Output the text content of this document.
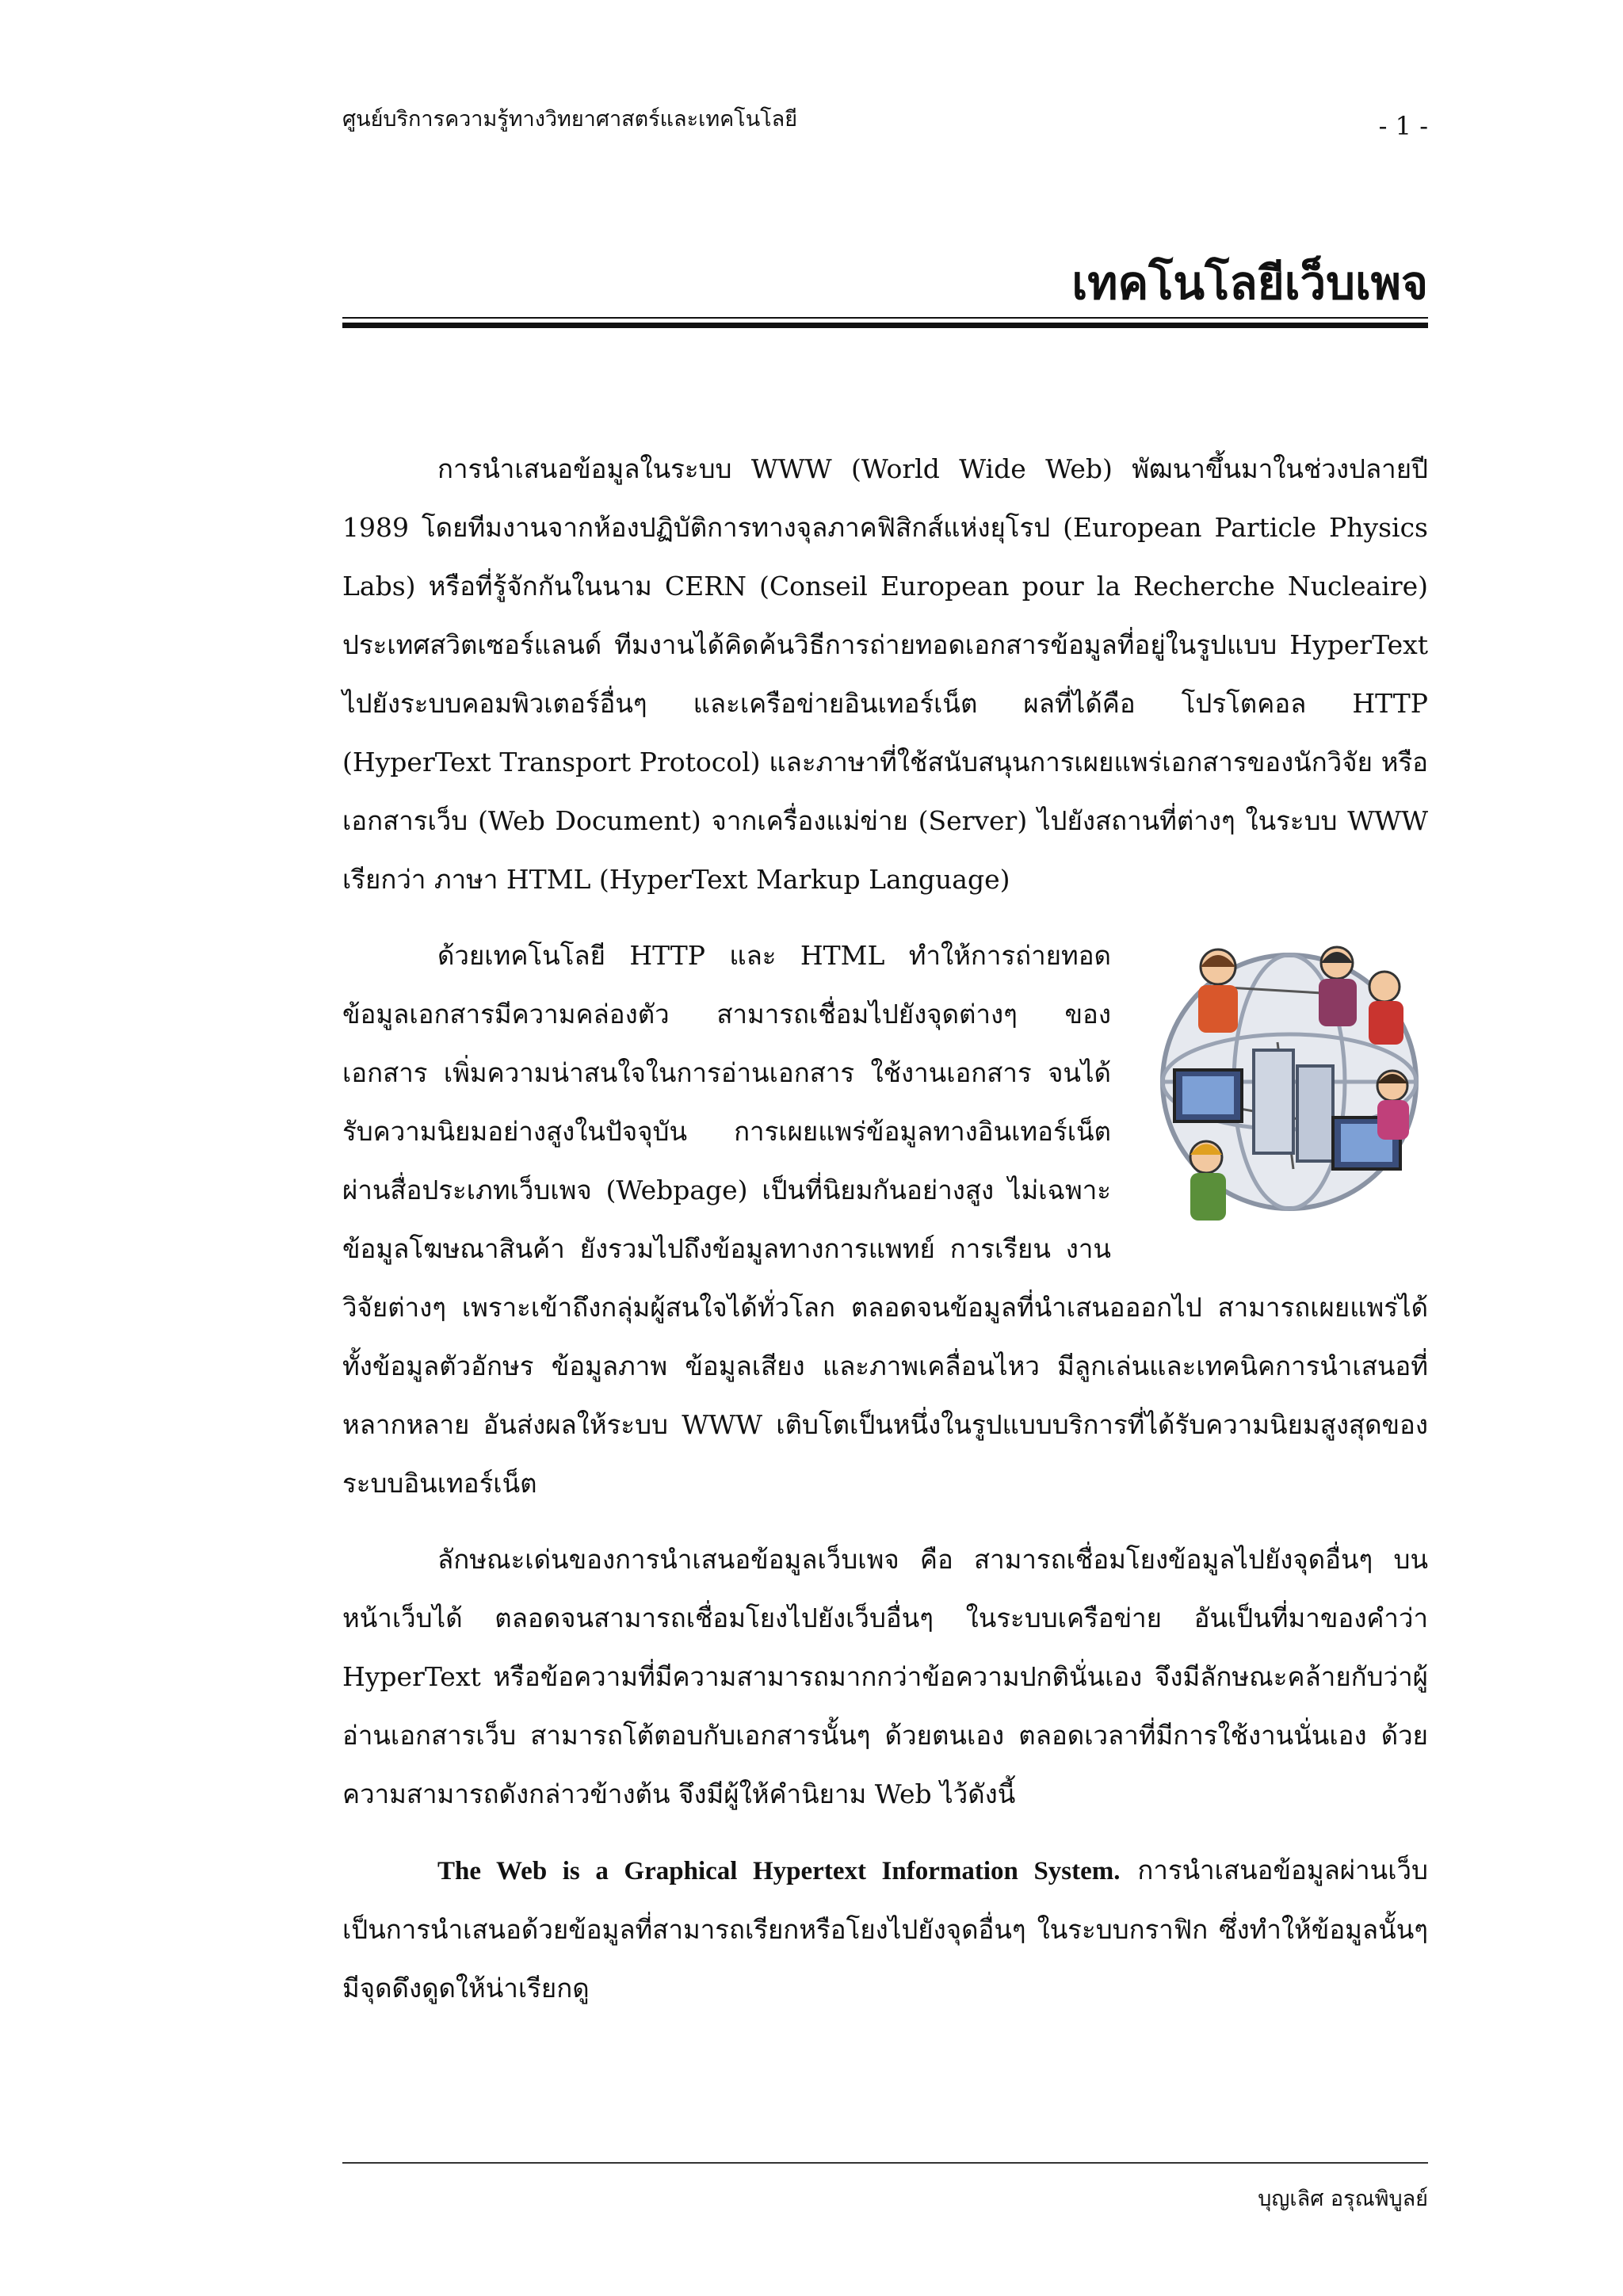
ศูนย์บริการความรู้ทางวิทยาศาสตร์และเทคโนโลยี	- 1 -
เทคโนโลยีเว็บเพจ

การนำเสนอข้อมูลในระบบ WWW (World Wide Web) พัฒนาขึ้นมาในช่วงปลายปี 1989 โดยทีมงานจากห้องปฏิบัติการทางจุลภาคฟิสิกส์แห่งยุโรป (European Particle Physics Labs) หรือที่รู้จักกันในนาม CERN (Conseil European pour la Recherche Nucleaire) ประเทศสวิตเซอร์แลนด์ ทีมงานได้คิดค้นวิธีการถ่ายทอดเอกสารข้อมูลที่อยู่ในรูปแบบ HyperText ไปยังระบบคอมพิวเตอร์อื่นๆ และเครือข่ายอินเทอร์เน็ต ผลที่ได้คือ โปรโตคอล HTTP (HyperText Transport Protocol) และภาษาที่ใช้สนับสนุนการเผยแพร่เอกสารของนักวิจัย หรือเอกสารเว็บ (Web Document) จากเครื่องแม่ข่าย (Server) ไปยังสถานที่ต่างๆ ในระบบ WWW เรียกว่า ภาษา HTML (HyperText Markup Language)

ด้วยเทคโนโลยี HTTP และ HTML ทำให้การถ่ายทอดข้อมูลเอกสารมีความคล่องตัว สามารถเชื่อมไปยังจุดต่างๆ ของเอกสาร เพิ่มความน่าสนใจในการอ่านเอกสาร ใช้งานเอกสาร จนได้รับความนิยมอย่างสูงในปัจจุบัน การเผยแพร่ข้อมูลทางอินเทอร์เน็ตผ่านสื่อประเภทเว็บเพจ (Webpage) เป็นที่นิยมกันอย่างสูง ไม่เฉพาะข้อมูลโฆษณาสินค้า ยังรวมไปถึงข้อมูลทางการแพทย์ การเรียน งานวิจัยต่างๆ เพราะเข้าถึงกลุ่มผู้สนใจได้ทั่วโลก ตลอดจนข้อมูลที่นำเสนอออกไป สามารถเผยแพร่ได้ทั้งข้อมูลตัวอักษร ข้อมูลภาพ ข้อมูลเสียง และภาพเคลื่อนไหว มีลูกเล่นและเทคนิคการนำเสนอที่หลากหลาย อันส่งผลให้ระบบ WWW เติบโตเป็นหนึ่งในรูปแบบบริการที่ได้รับความนิยมสูงสุดของระบบอินเทอร์เน็ต

ลักษณะเด่นของการนำเสนอข้อมูลเว็บเพจ คือ สามารถเชื่อมโยงข้อมูลไปยังจุดอื่นๆ บนหน้าเว็บได้ ตลอดจนสามารถเชื่อมโยงไปยังเว็บอื่นๆ ในระบบเครือข่าย อันเป็นที่มาของคำว่า HyperText หรือข้อความที่มีความสามารถมากกว่าข้อความปกตินั่นเอง จึงมีลักษณะคล้ายกับว่าผู้อ่านเอกสารเว็บ สามารถโต้ตอบกับเอกสารนั้นๆ ด้วยตนเอง ตลอดเวลาที่มีการใช้งานนั่นเอง ด้วยความสามารถดังกล่าวข้างต้น จึงมีผู้ให้คำนิยาม Web ไว้ดังนี้

The Web is a Graphical Hypertext Information System. การนำเสนอข้อมูลผ่านเว็บ เป็นการนำเสนอด้วยข้อมูลที่สามารถเรียกหรือโยงไปยังจุดอื่นๆ ในระบบกราฟิก ซึ่งทำให้ข้อมูลนั้นๆ มีจุดดึงดูดให้น่าเรียกดู

บุญเลิศ อรุณพิบูลย์
